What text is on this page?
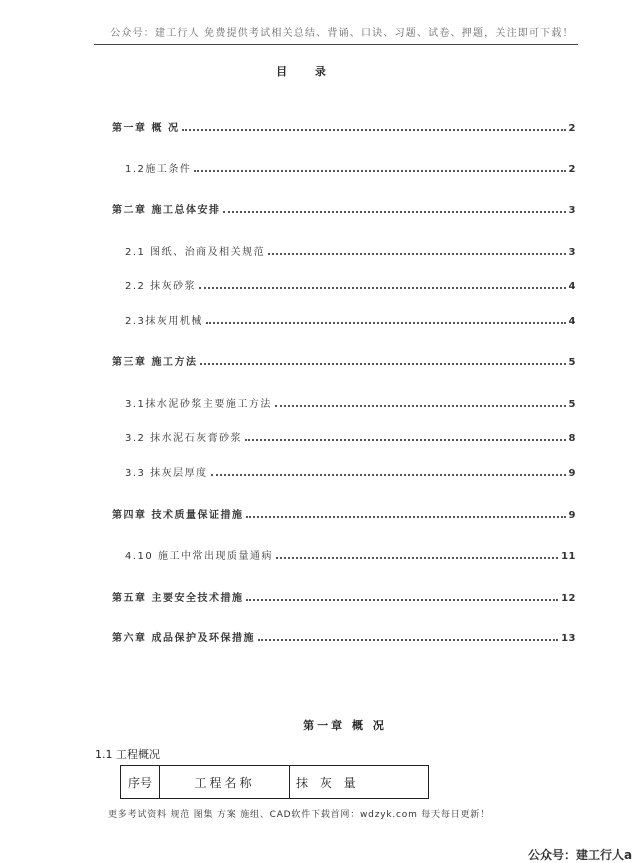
公众号：建工行人 免费提供考试相关总结、背诵、口诀、习题、试卷、押题，关注即可下载！
目 录
第一章 概 况	2
1.2施工条件	2
第二章 施工总体安排	3
2.1 图纸、治商及相关规范	3
2.2 抹灰砂浆	4
2.3抹灰用机械	4
第三章 施工方法	5
3.1抹水泥砂浆主要施工方法	5
3.2 抹水泥石灰膏砂浆	8
3.3 抹灰层厚度	9
第四章 技术质量保证措施	9
4.10 施工中常出现质量通病	11
第五章 主要安全技术措施	12
第六章 成品保护及环保措施	13
第一章 概 况
1.1 工程概况
序号	工程名称	抹 灰 量
更多考试资料 规范 图集 方案 施组、CAD软件下载首网：wdzyk.com 每天每日更新！
公众号：建工行人a
